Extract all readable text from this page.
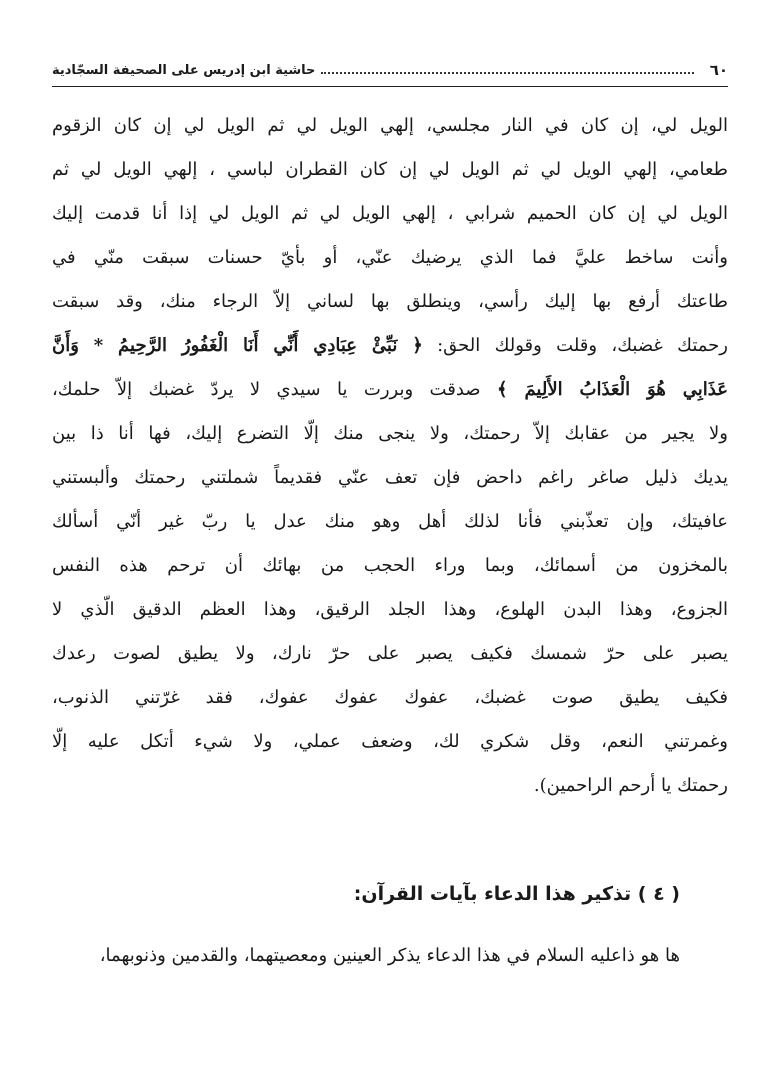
٦٠
حاشية ابن إدريس على الصحيفة السجّادية
الويل لي، إن كان في النار مجلسي، إلهي الويل لي ثم الويل لي إن كان الزقوم
طعامي، إلهي الويل لي ثم الويل لي إن كان القطران لباسي ، إلهي الويل لي ثم
الويل لي إن كان الحميم شرابي ، إلهي الويل لي ثم الويل لي إذا أنا قدمت إليك
وأنت ساخط عليَّ فما الذي يرضيك عنّي، أو بأيّ حسنات سبقت منّي في
طاعتك أرفع بها إليك رأسي، وينطلق بها لساني إلاّ الرجاء منك، وقد سبقت
رحمتك غضبك، وقلت وقولك الحق: ﴿ نَبِّئْ عِبَادِي أَنِّي أَنَا الْغَفُورُ الرَّحِيمُ * وَأَنَّ
عَذَابِي هُوَ الْعَذَابُ الأَلِيمَ ﴾ صدقت وبررت يا سيدي لا يردّ غضبك إلاّ حلمك،
ولا يجير من عقابك إلاّ رحمتك، ولا ينجى منك إلّا التضرع إليك، فها أنا ذا بين
يديك ذليل صاغر راغم داحض فإن تعف عنّي فقديماً شملتني رحمتك وألبستني
عافيتك، وإن تعذّبني فأنا لذلك أهل وهو منك عدل يا ربّ غير أنّي أسألك
بالمخزون من أسمائك، وبما وراء الحجب من بهائك أن ترحم هذه النفس
الجزوع، وهذا البدن الهلوع، وهذا الجلد الرقيق، وهذا العظم الدقيق الّذي لا
يصبر على حرّ شمسك فكيف يصبر على حرّ نارك، ولا يطيق لصوت رعدك
فكيف يطيق صوت غضبك، عفوك عفوك عفوك، فقد غرّتني الذنوب،
وغمرتني النعم، وقل شكري لك، وضعف عملي، ولا شيء أتكل عليه إلّا
رحمتك يا أرحم الراحمين).
( ٤ ) تذكير هذا الدعاء بآيات القرآن:
ها هو ذاعليه السلام في هذا الدعاء يذكر العينين ومعصيتهما، والقدمين وذنوبهما،
